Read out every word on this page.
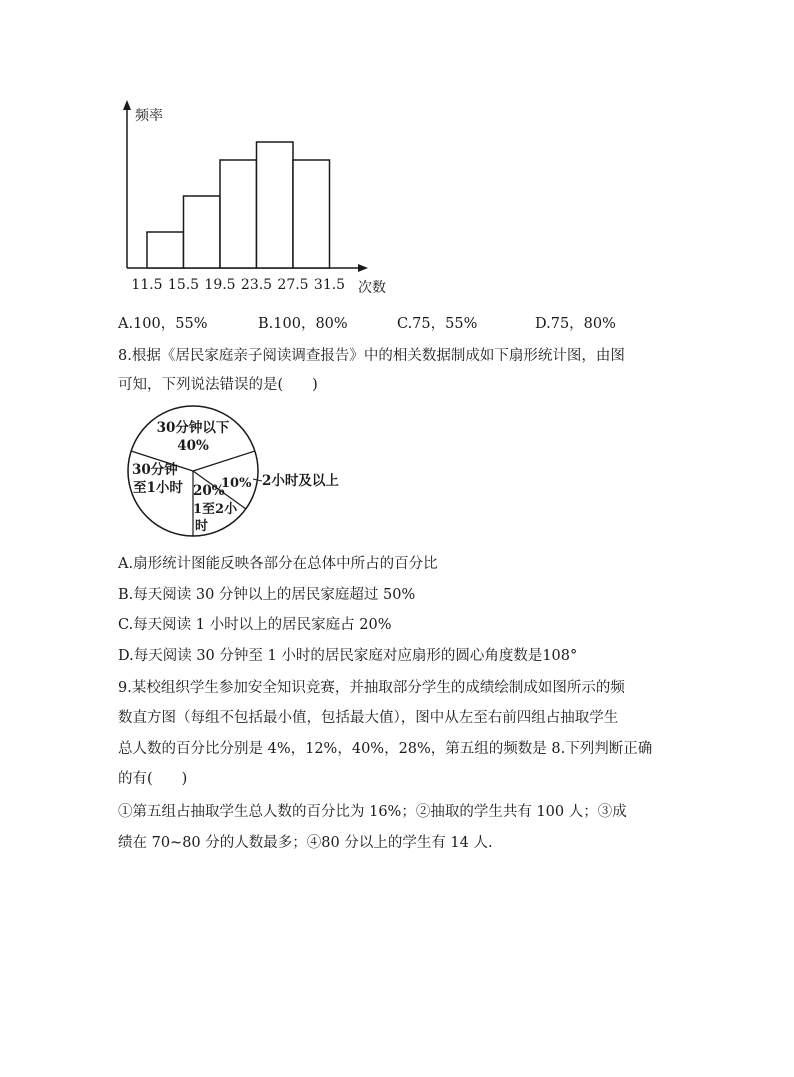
频率
11.5 15.5 19.5 23.5 27.5 31.5 次数
A.100，55%	B.100，80%	C.75，55%	D.75，80%
8.根据《居民家庭亲子阅读调查报告》中的相关数据制成如下扇形统计图，由图
可知，下列说法错误的是(　　)
30分钟以下
40%
30分钟
至1小时 20%
1至2小
时
10% 2小时及以上
A.扇形统计图能反映各部分在总体中所占的百分比
B.每天阅读 30 分钟以上的居民家庭超过 50%
C.每天阅读 1 小时以上的居民家庭占 20%
D.每天阅读 30 分钟至 1 小时的居民家庭对应扇形的圆心角度数是108°
9.某校组织学生参加安全知识竞赛，并抽取部分学生的成绩绘制成如图所示的频
数直方图（每组不包括最小值，包括最大值），图中从左至右前四组占抽取学生
总人数的百分比分别是 4%，12%，40%，28%，第五组的频数是 8.下列判断正确
的有(　　)
①第五组占抽取学生总人数的百分比为 16%；②抽取的学生共有 100 人；③成
绩在 70~80 分的人数最多；④80 分以上的学生有 14 人.
